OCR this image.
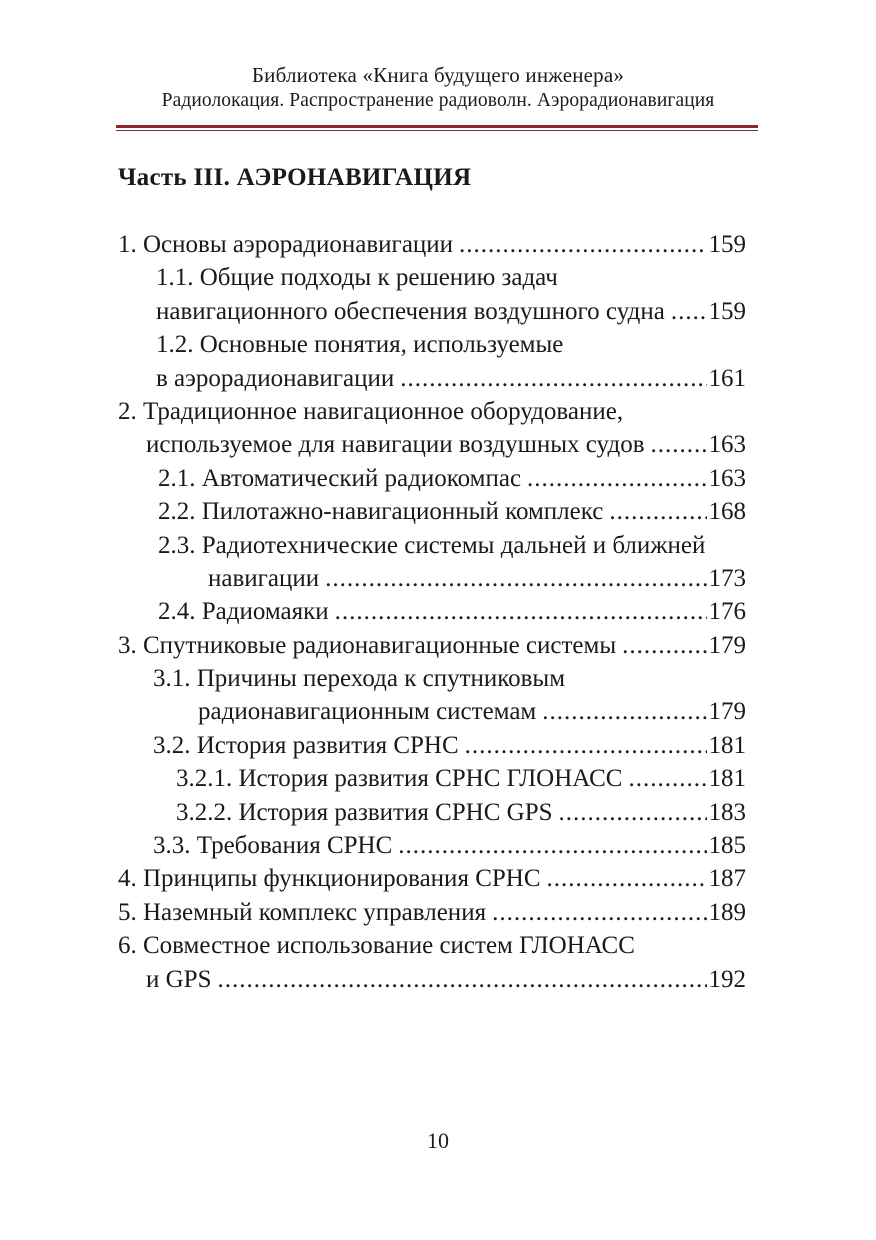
Библиотека «Книга будущего инженера»
Радиолокация. Распространение радиоволн. Аэрорадионавигация
Часть III. АЭРОНАВИГАЦИЯ
1. Основы аэрорадионавигации .....	159
1.1. Общие подходы к решению задач
навигационного обеспечения воздушного судна ..... 159
1.2. Основные понятия, используемые
в аэрорадионавигации .....	161
2. Традиционное навигационное оборудование,
используемое для навигации воздушных судов .....	163
2.1. Автоматический радиокомпас .....	163
2.2. Пилотажно-навигационный комплекс .....	168
2.3. Радиотехнические системы дальней и ближней
навигации .....	173
2.4. Радиомаяки .....	176
3. Спутниковые радионавигационные системы .....	179
3.1. Причины перехода к спутниковым
радионавигационным системам .....	179
3.2. История развития СРНС .....	181
3.2.1. История развития СРНС ГЛОНАСС .....	181
3.2.2. История развития СРНС GPS .....	183
3.3. Требования СРНС .....	185
4. Принципы функционирования СРНС .....	187
5. Наземный комплекс управления .....	189
6. Совместное использование систем ГЛОНАСС
и GPS .....	192
10
